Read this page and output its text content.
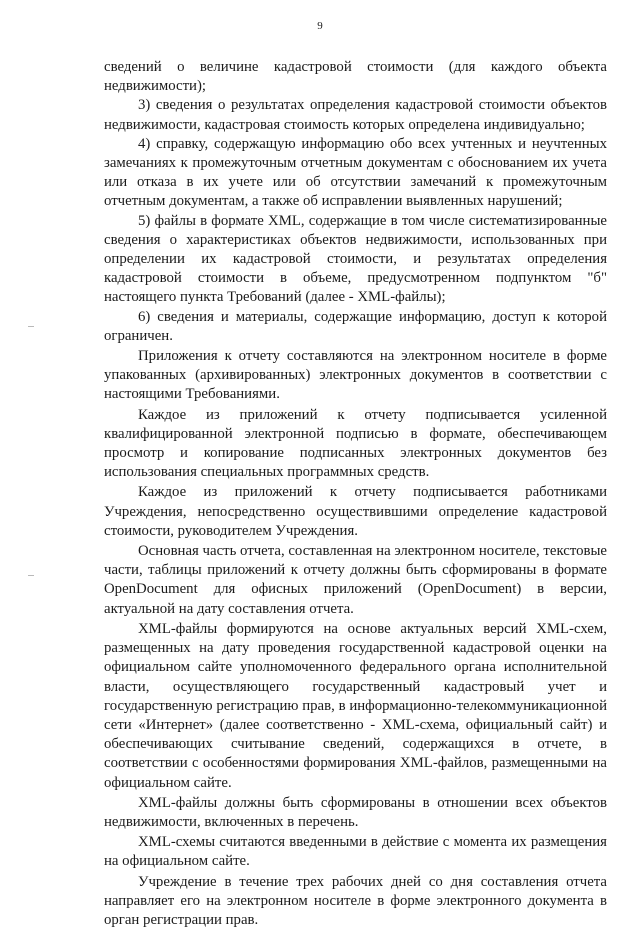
9

сведений о величине кадастровой стоимости (для каждого объекта недвижимости);

3) сведения о результатах определения кадастровой стоимости объектов недвижимости, кадастровая стоимость которых определена индивидуально;

4) справку, содержащую информацию обо всех учтенных и неучтенных замечаниях к промежуточным отчетным документам с обоснованием их учета или отказа в их учете или об отсутствии замечаний к промежуточным отчетным документам, а также об исправлении выявленных нарушений;

5) файлы в формате XML, содержащие в том числе систематизированные сведения о характеристиках объектов недвижимости, использованных при определении их кадастровой стоимости, и результатах определения кадастровой стоимости в объеме, предусмотренном подпунктом "б" настоящего пункта Требований (далее - XML-файлы);

6) сведения и материалы, содержащие информацию, доступ к которой ограничен.

Приложения к отчету составляются на электронном носителе в форме упакованных (архивированных) электронных документов в соответствии с настоящими Требованиями.

Каждое из приложений к отчету подписывается усиленной квалифицированной электронной подписью в формате, обеспечивающем просмотр и копирование подписанных электронных документов без использования специальных программных средств.

Каждое из приложений к отчету подписывается работниками Учреждения, непосредственно осуществившими определение кадастровой стоимости, руководителем Учреждения.

Основная часть отчета, составленная на электронном носителе, текстовые части, таблицы приложений к отчету должны быть сформированы в формате OpenDocument для офисных приложений (OpenDocument) в версии, актуальной на дату составления отчета.

XML-файлы формируются на основе актуальных версий XML-схем, размещенных на дату проведения государственной кадастровой оценки на официальном сайте уполномоченного федерального органа исполнительной власти, осуществляющего государственный кадастровый учет и государственную регистрацию прав, в информационно-телекоммуникационной сети «Интернет» (далее соответственно - XML-схема, официальный сайт) и обеспечивающих считывание сведений, содержащихся в отчете, в соответствии с особенностями формирования XML-файлов, размещенными на официальном сайте.

XML-файлы должны быть сформированы в отношении всех объектов недвижимости, включенных в перечень.

XML-схемы считаются введенными в действие с момента их размещения на официальном сайте.

Учреждение в течение трех рабочих дней со дня составления отчета направляет его на электронном носителе в форме электронного документа в орган регистрации прав.
